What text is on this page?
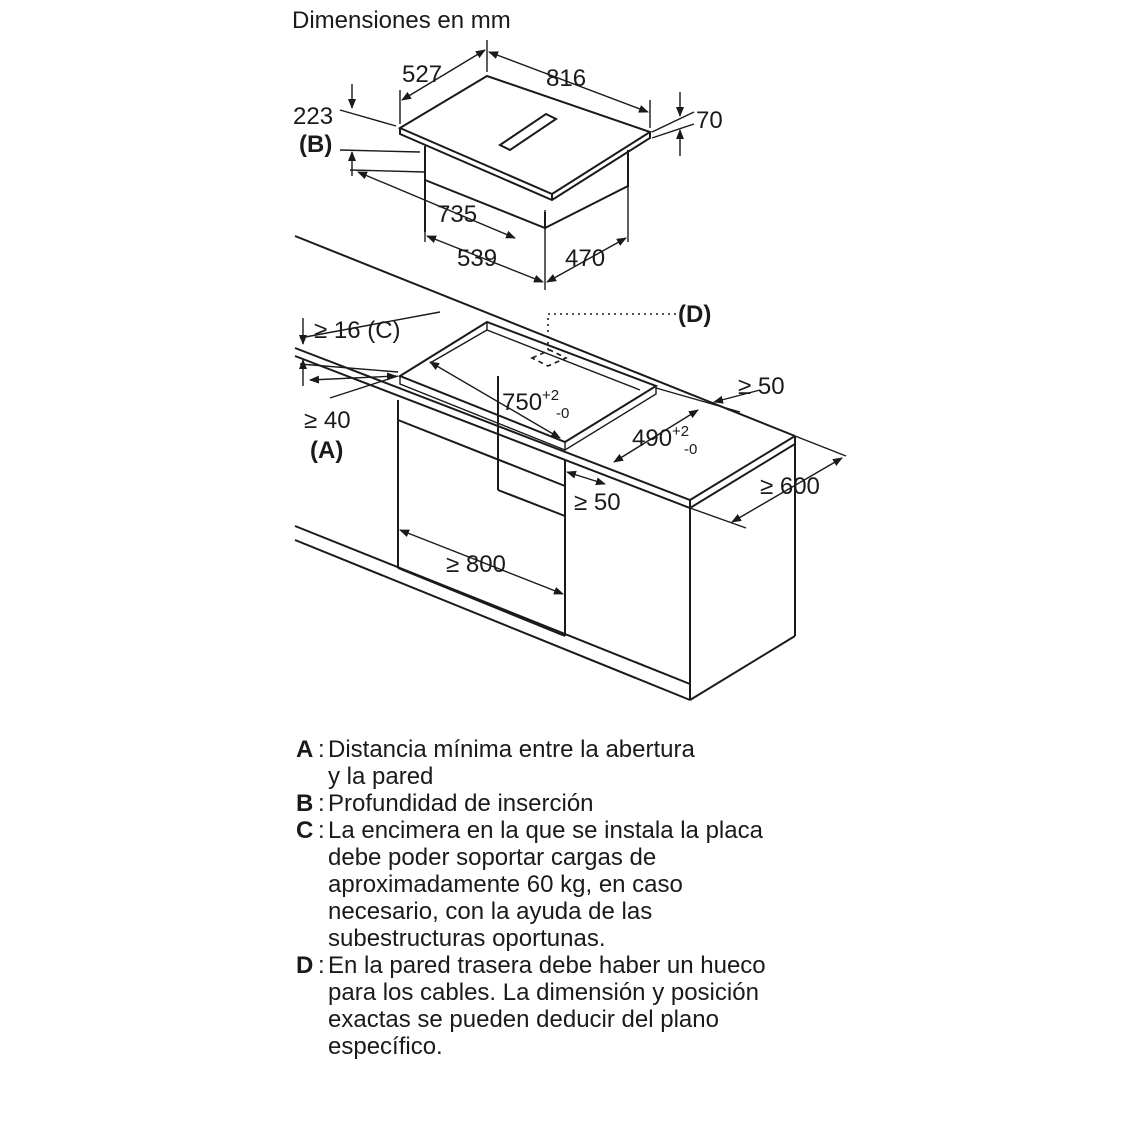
Dimensiones en mm
527	816
70
223
(B)
735
539	470
≥ 16 (C)
≥ 40
(A)
(D)
$750^{+2}$
-0
$490^{+2}$
-0
≥ 50
≥ 50
≥ 600
≥ 800
A : Distancia mínima entre la abertura
y la pared
B : Profundidad de inserción
C : La encimera en la que se instala la placa
debe poder soportar cargas de
aproximadamente 60 kg, en caso
necesario, con la ayuda de las
subestructuras oportunas.
D : En la pared trasera debe haber un hueco
para los cables. La dimensión y posición
exactas se pueden deducir del plano
específico.
